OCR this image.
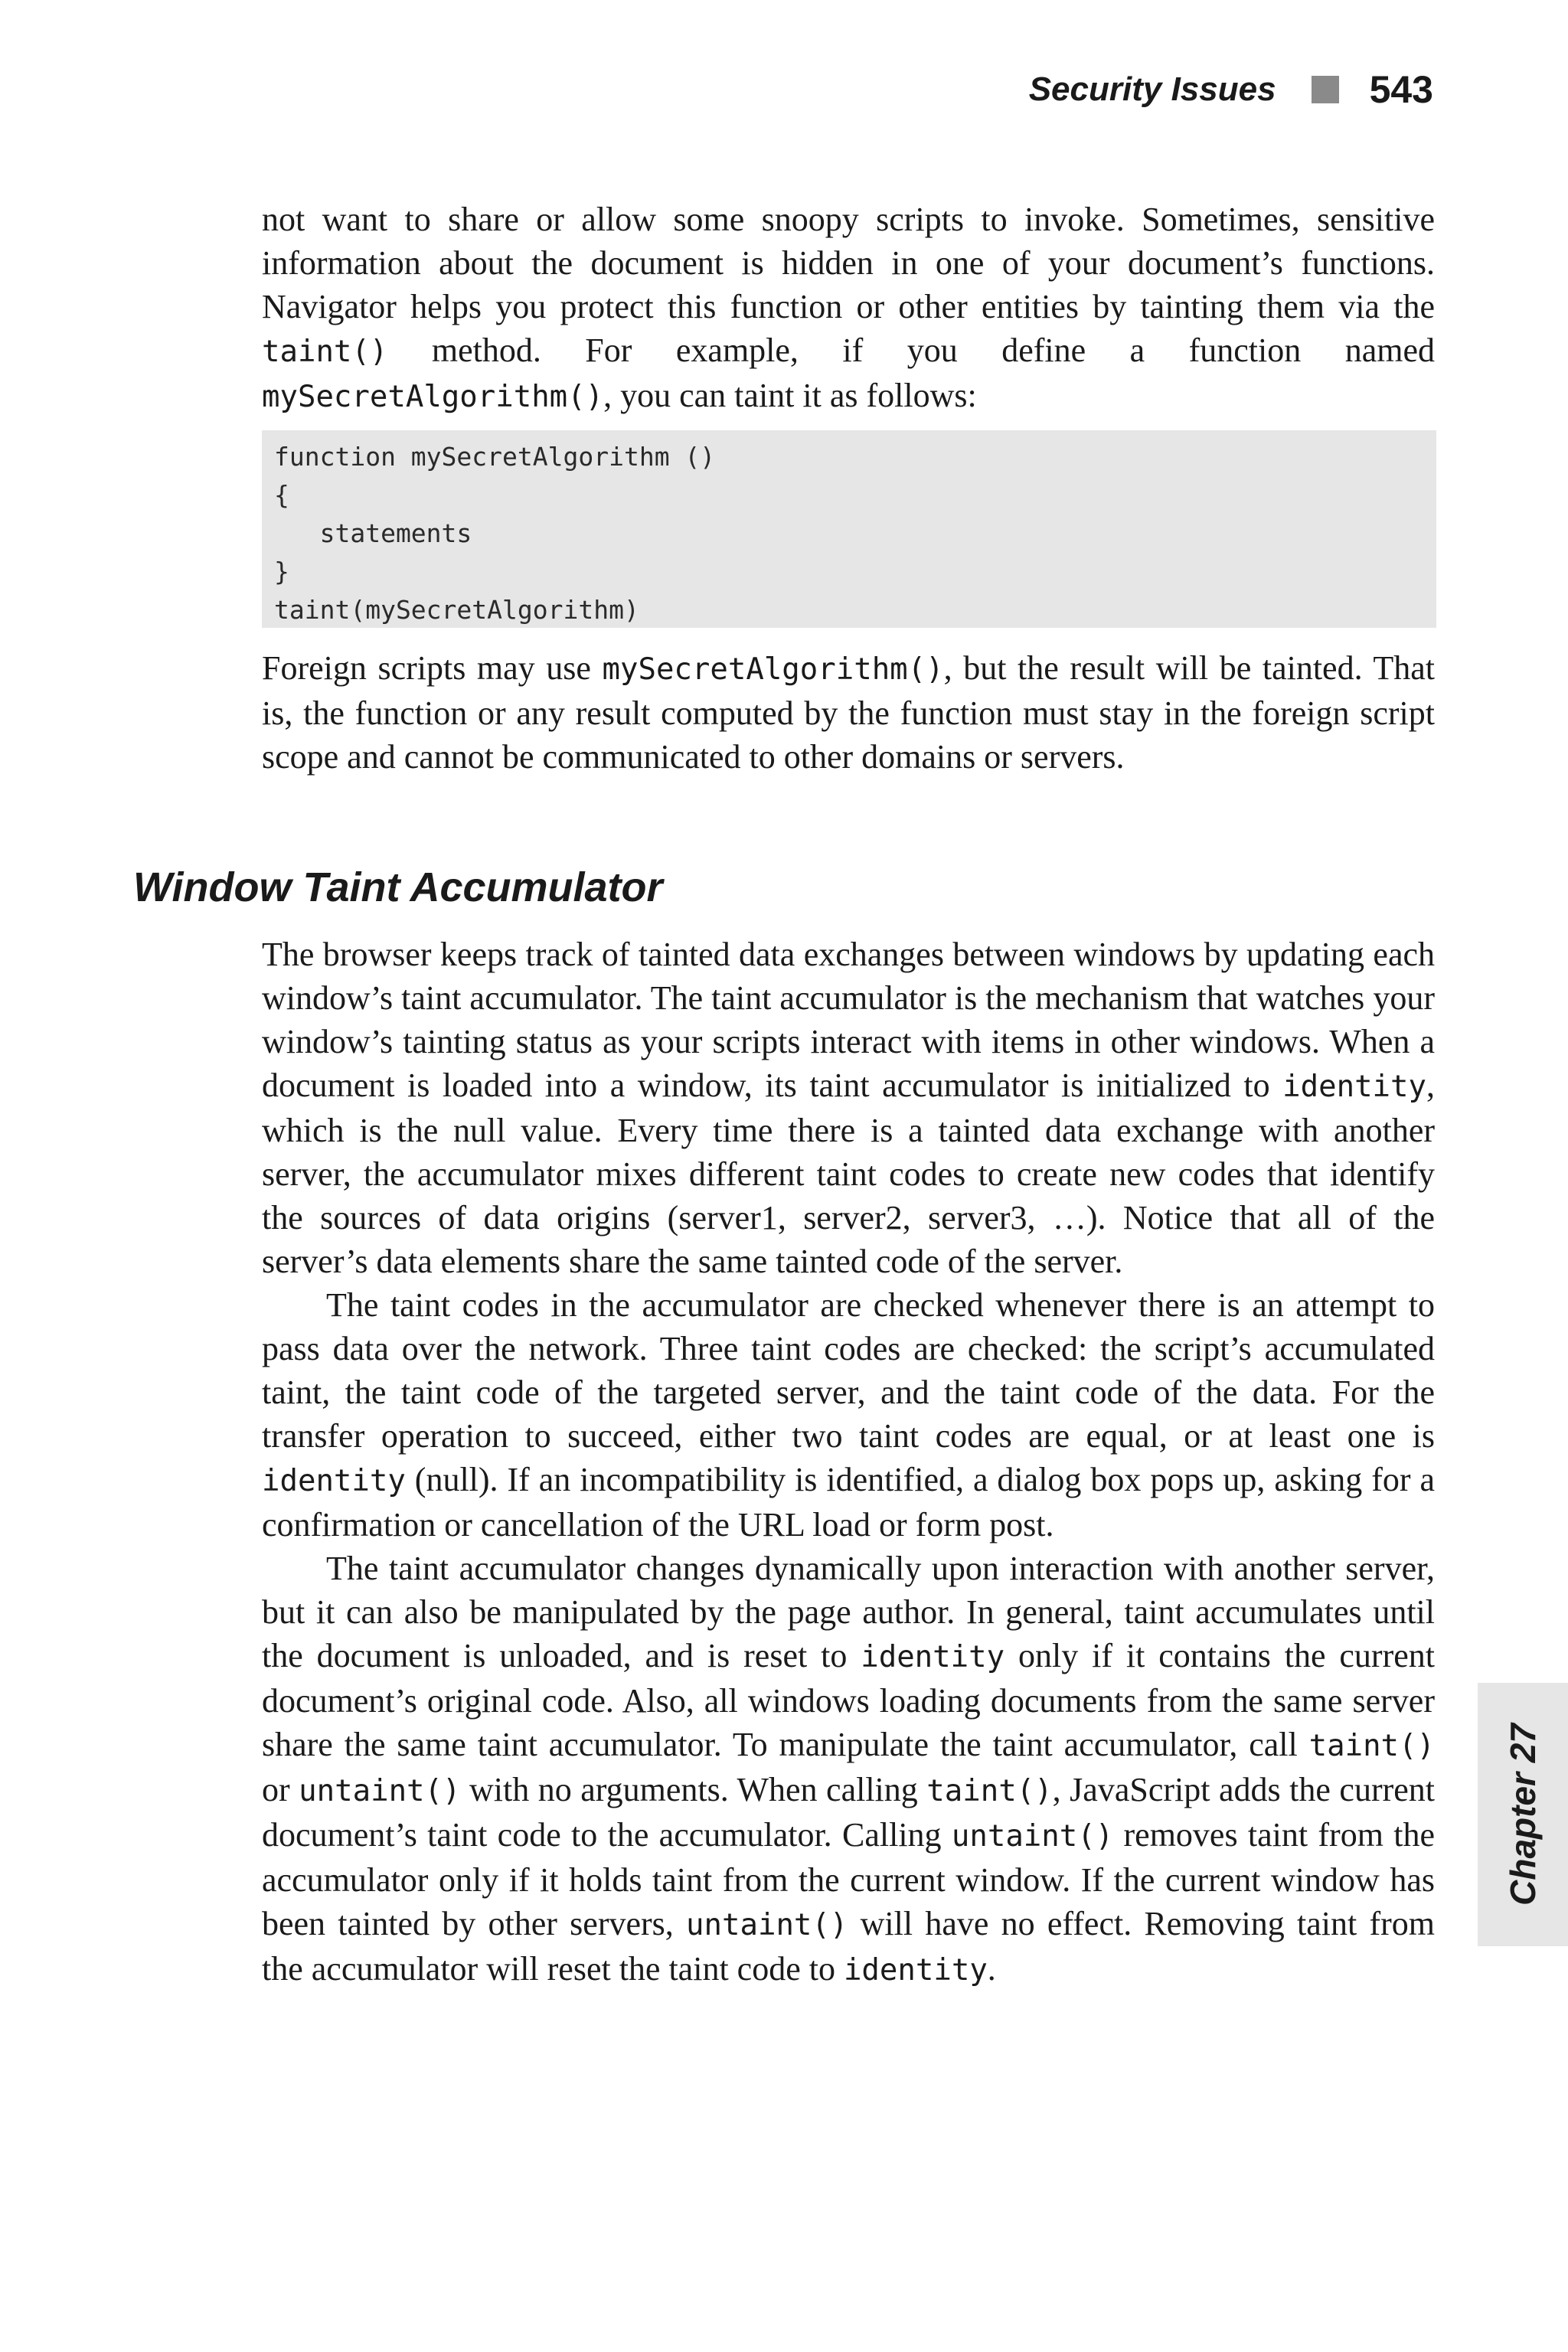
Security Issues 543

not want to share or allow some snoopy scripts to invoke. Sometimes, sensitive information about the document is hidden in one of your document’s functions. Navigator helps you protect this function or other entities by tainting them via the taint() method. For example, if you define a function named mySecretAlgorithm(), you can taint it as follows:

function mySecretAlgorithm ()
{
statements
}
taint(mySecretAlgorithm)

Foreign scripts may use mySecretAlgorithm(), but the result will be tainted. That is, the function or any result computed by the function must stay in the foreign script scope and cannot be communicated to other domains or servers.

Window Taint Accumulator

The browser keeps track of tainted data exchanges between windows by updating each window’s taint accumulator. The taint accumulator is the mechanism that watches your window’s tainting status as your scripts interact with items in other windows. When a document is loaded into a window, its taint accumulator is initialized to identity, which is the null value. Every time there is a tainted data exchange with another server, the accumulator mixes different taint codes to create new codes that identify the sources of data origins (server1, server2, server3, …). Notice that all of the server’s data elements share the same tainted code of the server.

The taint codes in the accumulator are checked whenever there is an attempt to pass data over the network. Three taint codes are checked: the script’s accumulated taint, the taint code of the targeted server, and the taint code of the data. For the transfer operation to succeed, either two taint codes are equal, or at least one is identity (null). If an incompatibility is identified, a dialog box pops up, asking for a confirmation or cancellation of the URL load or form post.

The taint accumulator changes dynamically upon interaction with another server, but it can also be manipulated by the page author. In general, taint accumulates until the document is unloaded, and is reset to identity only if it contains the current document’s original code. Also, all windows loading documents from the same server share the same taint accumulator. To manipulate the taint accumulator, call taint() or untaint() with no arguments. When calling taint(), JavaScript adds the current document’s taint code to the accumulator. Calling untaint() removes taint from the accumulator only if it holds taint from the current window. If the current window has been tainted by other servers, untaint() will have no effect. Removing taint from the accumulator will reset the taint code to identity.

Chapter 27
